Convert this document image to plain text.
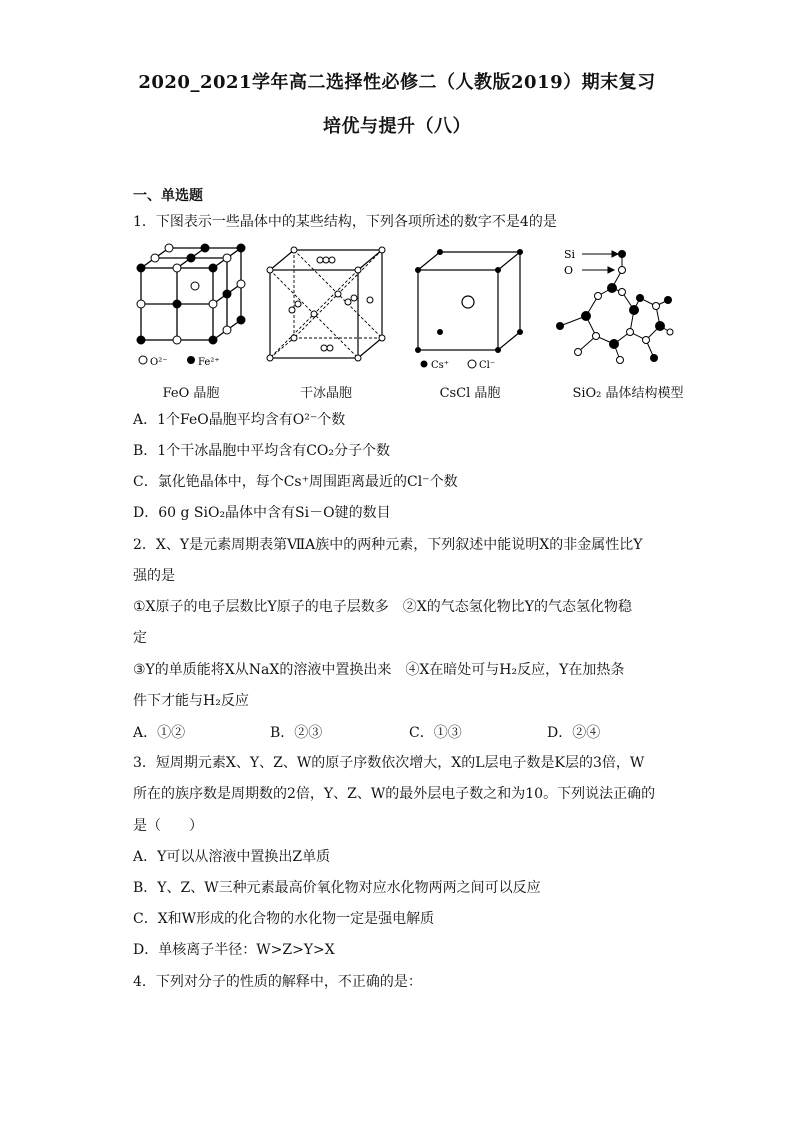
2020_2021学年高二选择性必修二（人教版2019）期末复习
培优与提升（八）
一、单选题
1．下图表示一些晶体中的某些结构，下列各项所述的数字不是4的是
O²⁻	Fe²⁺	Cs⁺	Cl⁻
Si
O
FeO 晶胞	干冰晶胞	CsCl 晶胞	SiO₂ 晶体结构模型
A．1个FeO晶胞平均含有O²⁻个数
B．1个干冰晶胞中平均含有CO₂分子个数
C．氯化铯晶体中，每个Cs⁺周围距离最近的Cl⁻个数
D．60 g SiO₂晶体中含有Si－O键的数目
2．X、Y是元素周期表第ⅦA族中的两种元素，下列叙述中能说明X的非金属性比Y
强的是
①X原子的电子层数比Y原子的电子层数多　②X的气态氢化物比Y的气态氢化物稳
定
③Y的单质能将X从NaX的溶液中置换出来　④X在暗处可与H₂反应，Y在加热条
件下才能与H₂反应
A．①②	B．②③	C．①③	D．②④
3．短周期元素X、Y、Z、W的原子序数依次增大，X的L层电子数是K层的3倍，W
所在的族序数是周期数的2倍，Y、Z、W的最外层电子数之和为10。下列说法正确的
是（　　）
A．Y可以从溶液中置换出Z单质
B．Y、Z、W三种元素最高价氧化物对应水化物两两之间可以反应
C．X和W形成的化合物的水化物一定是强电解质
D．单核离子半径：W>Z>Y>X
4．下列对分子的性质的解释中，不正确的是：
